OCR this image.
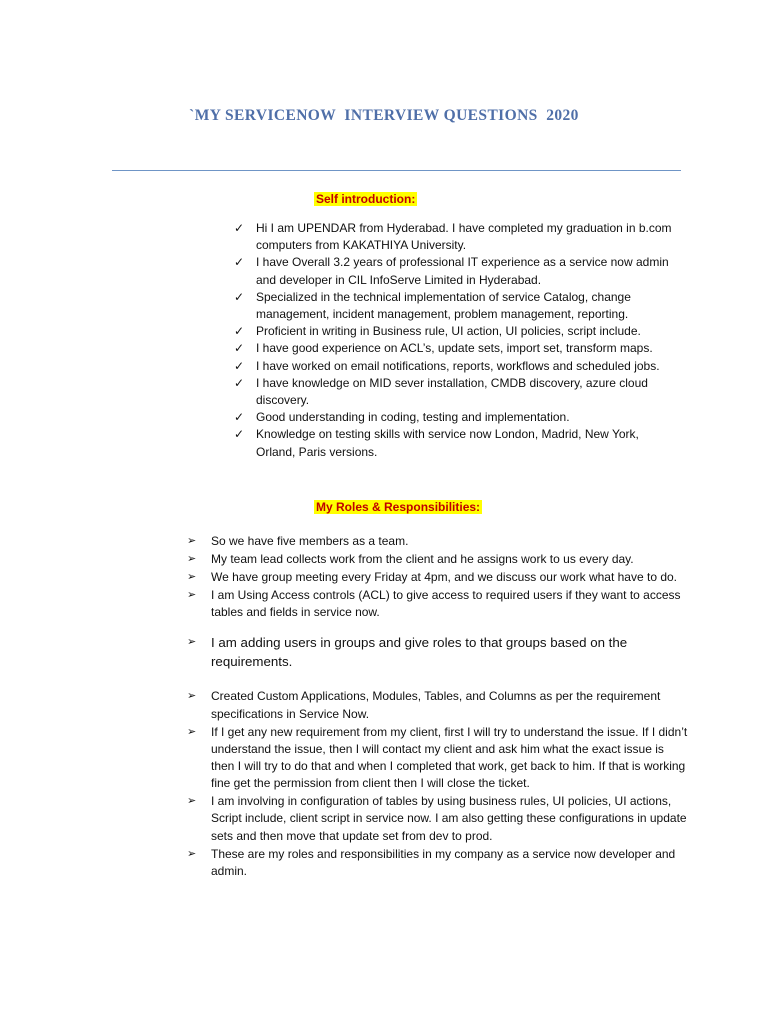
`MY SERVICENOW  INTERVIEW QUESTIONS  2020
Self introduction:
✓ Hi I am UPENDAR from Hyderabad. I have completed my graduation in b.com computers from KAKATHIYA University.
✓ I have Overall 3.2 years of professional IT experience as a service now admin and developer in CIL InfoServe Limited in Hyderabad.
✓ Specialized in the technical implementation of service Catalog, change management, incident management, problem management, reporting.
✓ Proficient in writing in Business rule, UI action, UI policies, script include.
✓ I have good experience on ACL’s, update sets, import set, transform maps.
✓ I have worked on email notifications, reports, workflows and scheduled jobs.
✓ I have knowledge on MID sever installation, CMDB discovery, azure cloud discovery.
✓ Good understanding in coding, testing and implementation.
✓ Knowledge on testing skills with service now London, Madrid, New York, Orland, Paris versions.
My Roles & Responsibilities:
➢ So we have five members as a team.
➢ My team lead collects work from the client and he assigns work to us every day.
➢ We have group meeting every Friday at 4pm, and we discuss our work what have to do.
➢ I am Using Access controls (ACL) to give access to required users if they want to access tables and fields in service now.
➢ I am adding users in groups and give roles to that groups based on the requirements.
➢ Created Custom Applications, Modules, Tables, and Columns as per the requirement specifications in Service Now.
➢ If I get any new requirement from my client, first I will try to understand the issue. If I didn’t understand the issue, then I will contact my client and ask him what the exact issue is then I will try to do that and when I completed that work, get back to him. If that is working fine get the permission from client then I will close the ticket.
➢ I am involving in configuration of tables by using business rules, UI policies, UI actions, Script include, client script in service now. I am also getting these configurations in update sets and then move that update set from dev to prod.
➢ These are my roles and responsibilities in my company as a service now developer and admin.
